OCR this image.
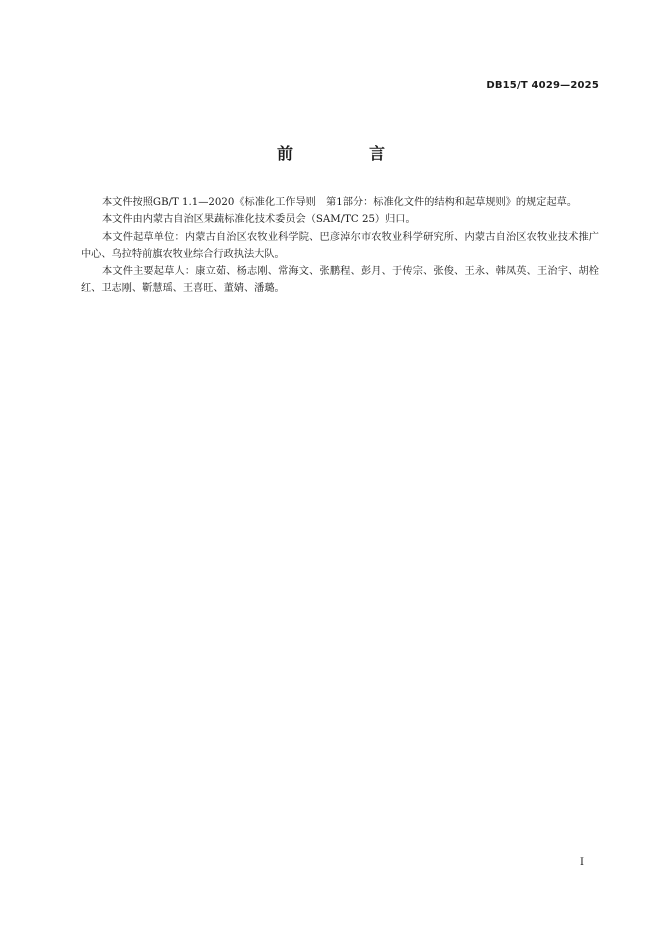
DB15/T 4029—2025
前　言

本文件按照GB/T 1.1—2020《标准化工作导则　第1部分：标准化文件的结构和起草规则》的规定起草。

本文件由内蒙古自治区果蔬标准化技术委员会（SAM/TC 25）归口。

本文件起草单位：内蒙古自治区农牧业科学院、巴彦淖尔市农牧业科学研究所、内蒙古自治区农牧业技术推广中心、乌拉特前旗农牧业综合行政执法大队。

本文件主要起草人：康立茹、杨志刚、常海文、张鹏程、彭月、于传宗、张俊、王永、韩凤英、王治宇、胡栓红、卫志刚、靳慧瑶、王喜旺、董婧、潘璐。

I
